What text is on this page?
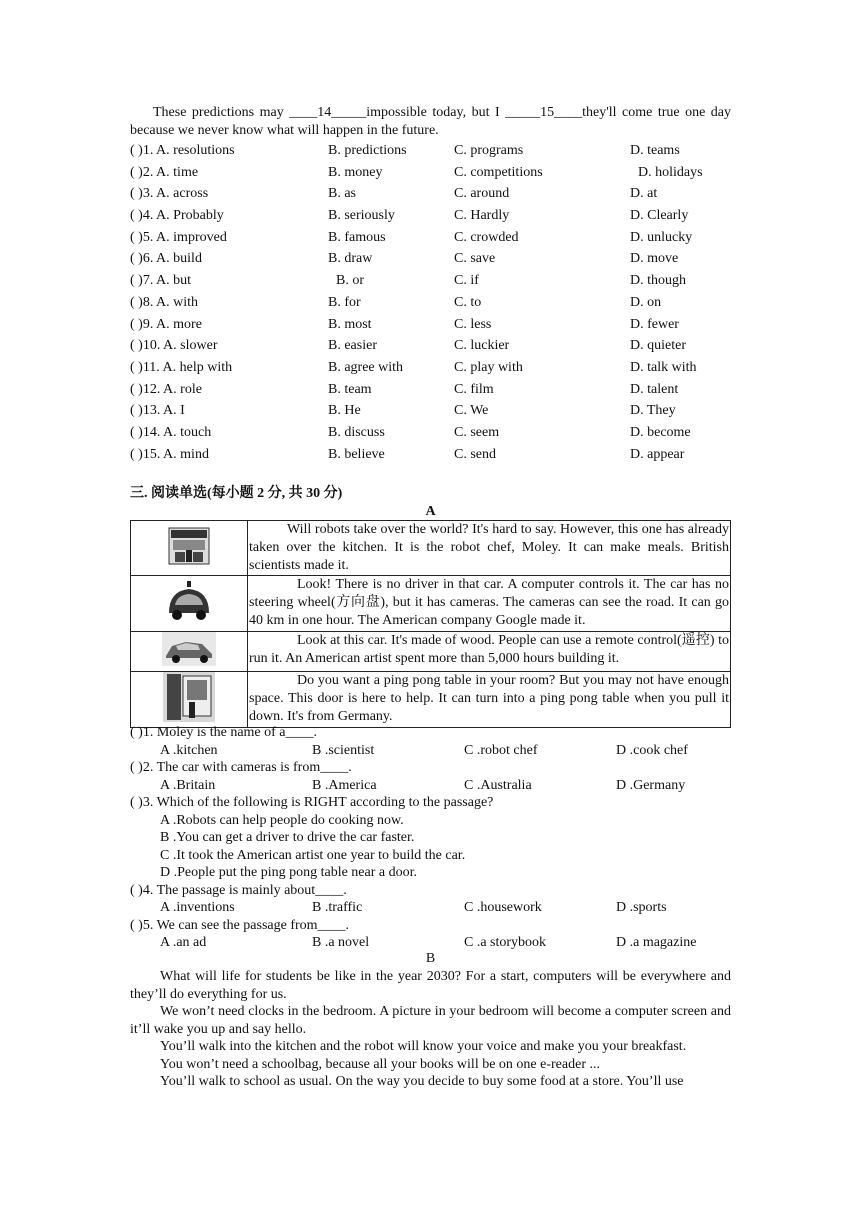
These predictions may ____14_____impossible today, but I _____15____they'll come true one day because we never know what will happen in the future.
( )1. A. resolutions	B. predictions	C. programs	D. teams
( )2. A. time	B. money	C. competitions	D. holidays
( )3. A. across	B. as	C. around	D. at
( )4. A. Probably	B. seriously	C. Hardly	D. Clearly
( )5. A. improved	B. famous	C. crowded	D. unlucky
( )6. A. build	B. draw	C. save	D. move
( )7. A. but	B. or	C. if	D. though
( )8. A. with	B. for	C. to	D. on
( )9. A. more	B. most	C. less	D. fewer
( )10. A. slower	B. easier	C. luckier	D. quieter
( )11. A. help with	B. agree with	C. play with	D. talk with
( )12. A. role	B. team	C. film	D. talent
( )13. A. I	B. He	C. We	D. They
( )14. A. touch	B. discuss	C. seem	D. become
( )15. A. mind	B. believe	C. send	D. appear
三. 阅读单选(每小题 2 分, 共 30 分)
A
	Will robots take over the world? It's hard to say. However, this one has already taken over the kitchen. It is the robot chef, Moley. It can make meals. British scientists made it.
	Look! There is no driver in that car. A computer controls it. The car has no steering wheel(方向盘), but it has cameras. The cameras can see the road. It can go 40 km in one hour. The American company Google made it.
	Look at this car. It's made of wood. People can use a remote control(遥控) to run it. An American artist spent more than 5,000 hours building it.
	Do you want a ping pong table in your room? But you may not have enough space. This door is here to help. It can turn into a ping pong table when you pull it down. It's from Germany.
( )1. Moley is the name of a____.
A .kitchen	B .scientist	C .robot chef	D .cook chef
( )2. The car with cameras is from____.
A .Britain	B .America	C .Australia	D .Germany
( )3. Which of the following is RIGHT according to the passage?
A .Robots can help people do cooking now.
B .You can get a driver to drive the car faster.
C .It took the American artist one year to build the car.
D .People put the ping pong table near a door.
( )4. The passage is mainly about____.
A .inventions	B .traffic	C .housework	D .sports
( )5. We can see the passage from____.
A .an ad	B .a novel	C .a storybook	D .a magazine
B
What will life for students be like in the year 2030? For a start, computers will be everywhere and they’ll do everything for us.
We won’t need clocks in the bedroom. A picture in your bedroom will become a computer screen and it’ll wake you up and say hello.
You’ll walk into the kitchen and the robot will know your voice and make you your breakfast.
You won’t need a schoolbag, because all your books will be on one e-reader ...
You’ll walk to school as usual. On the way you decide to buy some food at a store. You’ll use
